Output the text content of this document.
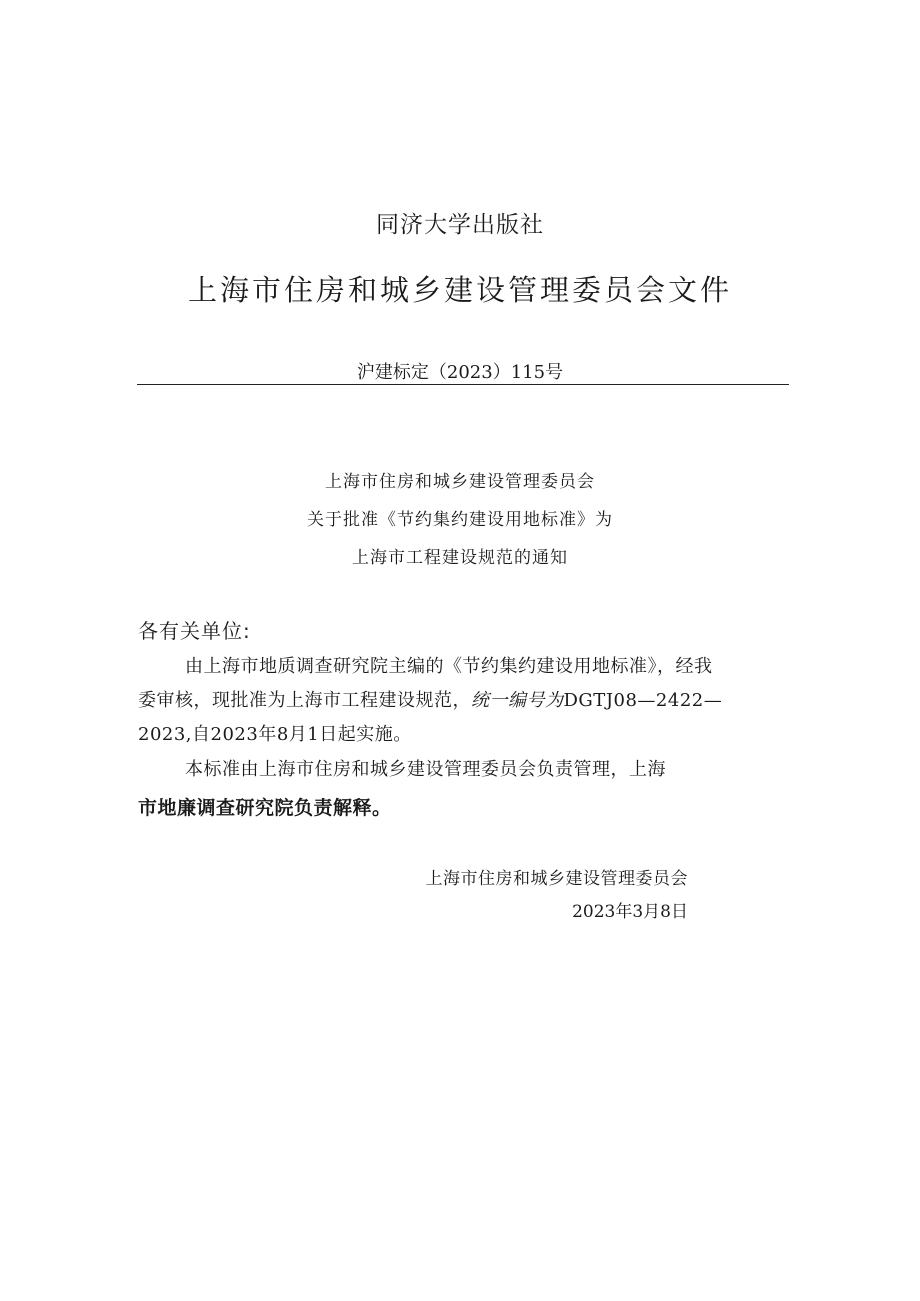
同济大学出版社
上海市住房和城乡建设管理委员会文件
沪建标定（2023）115号
上海市住房和城乡建设管理委员会
关于批准《节约集约建设用地标准》为
上海市工程建设规范的通知
各有关单位:
由上海市地质调查研究院主编的《节约集约建设用地标准》，经我
委审核，现批准为上海市工程建设规范，统一编号为DGTJ08—2422—
2023,自2023年8月1日起实施。
本标准由上海市住房和城乡建设管理委员会负责管理，上海
市地廉调查研究院负责解释。
上海市住房和城乡建设管理委员会
2023年3月8日
